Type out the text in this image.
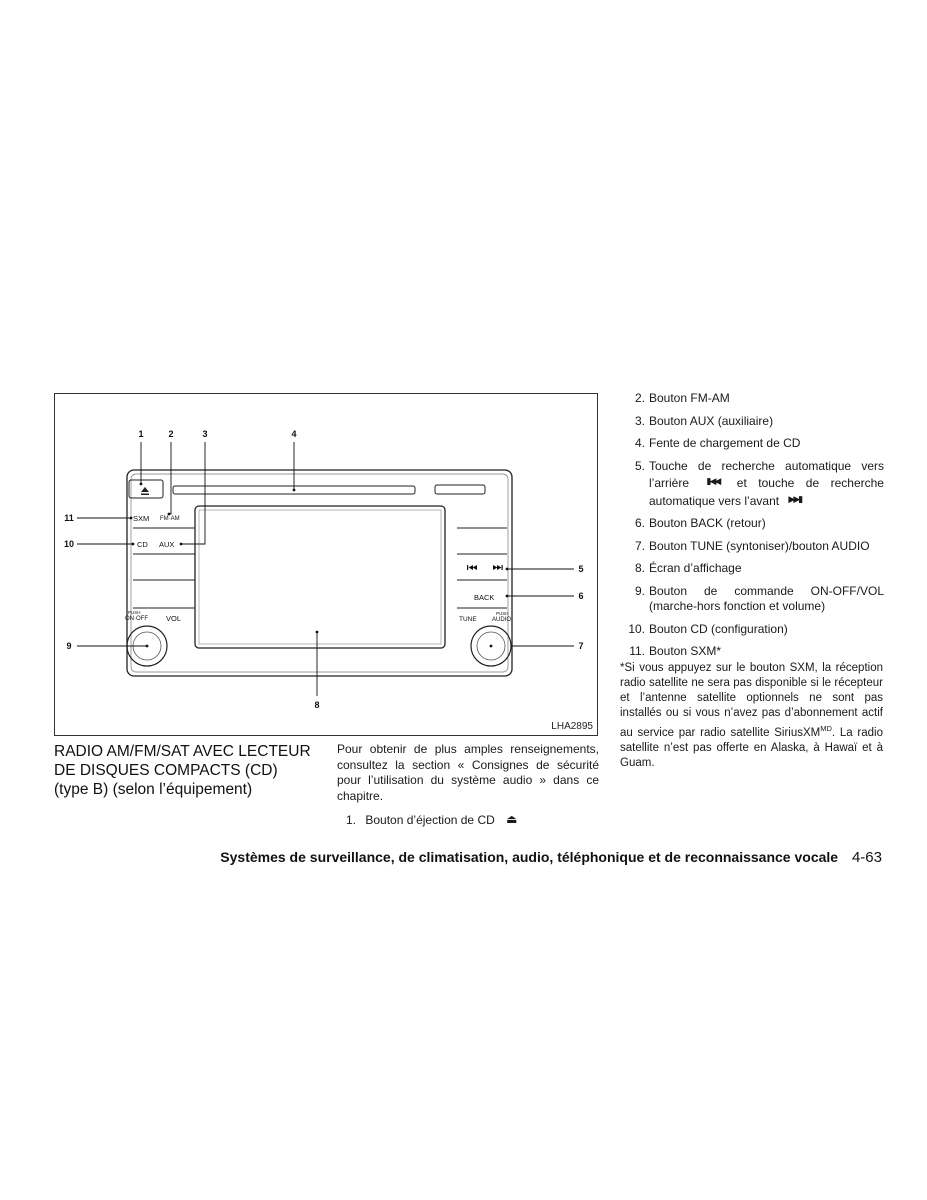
SXM FM·AM
CD AUX
BACK
PUSH
ON·OFF VOL	TUNE
PUSH
AUDIO
1	2	3	4
5
6
7
8
9
10
11
LHA2895
RADIO AM/FM/SAT AVEC LECTEUR
DE DISQUES COMPACTS (CD)
(type B) (selon l’équipement)

Pour obtenir de plus amples renseignements, consultez la section « Consignes de sécurité pour l’utilisation du système audio » dans ce chapitre.

1. Bouton d’éjection de CD ⏏
2. Bouton FM-AM
3. Bouton AUX (auxiliaire)
4. Fente de chargement de CD
5. Touche de recherche automatique vers l’arrière ▮◀◀ et touche de recherche automatique vers l’avant ▶▶▮
6. Bouton BACK (retour)
7. Bouton TUNE (syntoniser)/bouton AUDIO
8. Écran d’affichage
9. Bouton de commande ON-OFF/VOL (marche-hors fonction et volume)
10. Bouton CD (configuration)
11. Bouton SXM*

*Si vous appuyez sur le bouton SXM, la réception radio satellite ne sera pas disponible si le récepteur et l’antenne satellite optionnels ne sont pas installés ou si vous n’avez pas d’abonnement actif au service par radio satellite SiriusXM$^{MD}$. La radio satellite n’est pas offerte en Alaska, à Hawaï et à Guam.

Systèmes de surveillance, de climatisation, audio, téléphonique et de reconnaissance vocale 4-63
